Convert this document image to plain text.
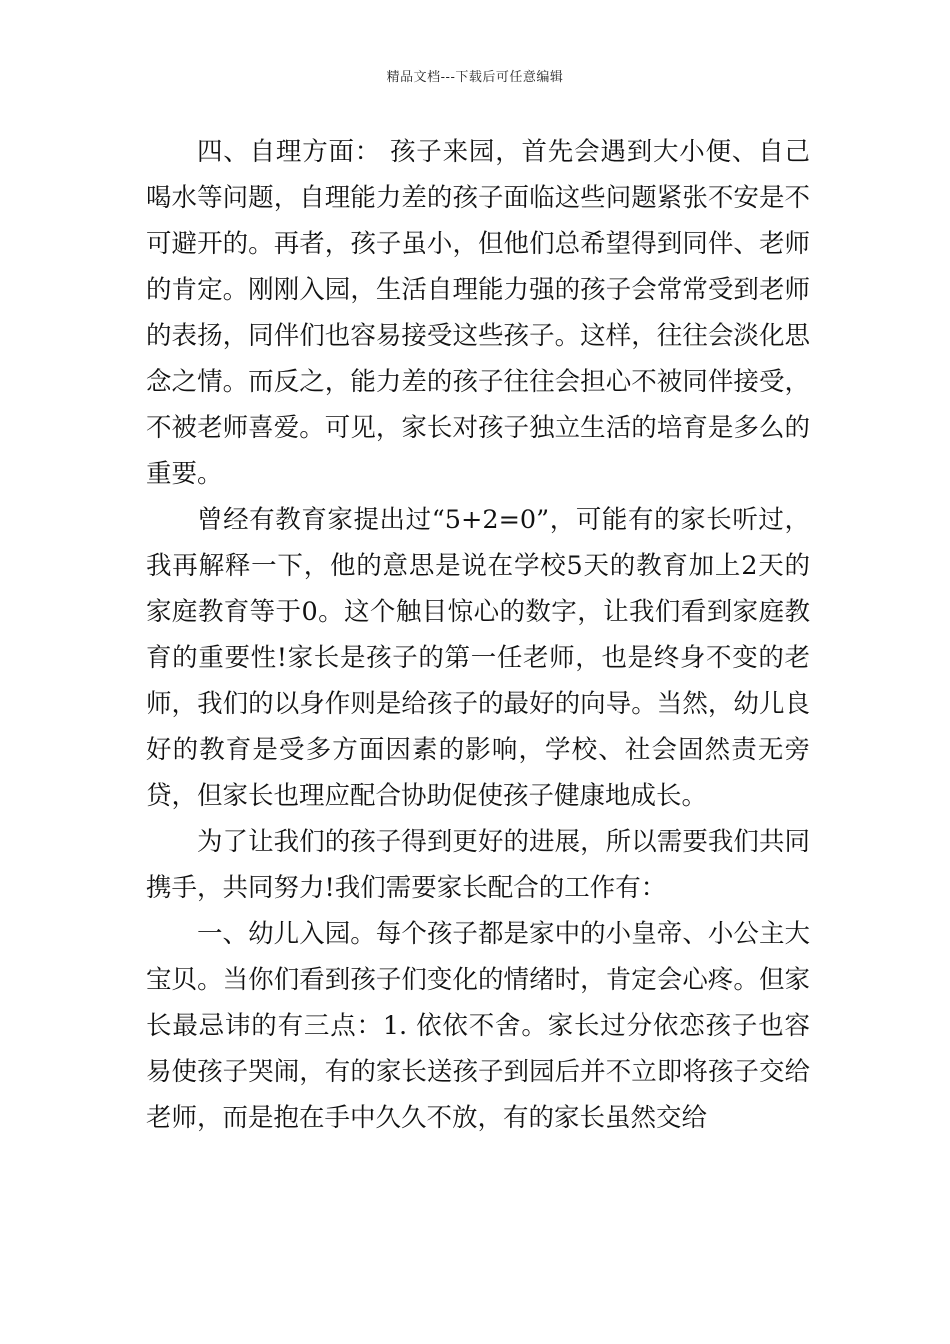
精品文档---下载后可任意编辑

四、自理方面： 孩子来园，首先会遇到大小便、自己喝水等问题，自理能力差的孩子面临这些问题紧张不安是不可避开的。再者，孩子虽小，但他们总希望得到同伴、老师的肯定。刚刚入园，生活自理能力强的孩子会常常受到老师的表扬，同伴们也容易接受这些孩子。这样，往往会淡化思念之情。而反之，能力差的孩子往往会担心不被同伴接受，不被老师喜爱。可见，家长对孩子独立生活的培育是多么的重要。

曾经有教育家提出过“5+2=0”，可能有的家长听过，我再解释一下，他的意思是说在学校5天的教育加上2天的家庭教育等于0。这个触目惊心的数字，让我们看到家庭教育的重要性!家长是孩子的第一任老师，也是终身不变的老师，我们的以身作则是给孩子的最好的向导。当然，幼儿良好的教育是受多方面因素的影响，学校、社会固然责无旁贷，但家长也理应配合协助促使孩子健康地成长。

为了让我们的孩子得到更好的进展，所以需要我们共同携手，共同努力!我们需要家长配合的工作有：

一、幼儿入园。每个孩子都是家中的小皇帝、小公主大宝贝。当你们看到孩子们变化的情绪时，肯定会心疼。但家长最忌讳的有三点：1. 依依不舍。家长过分依恋孩子也容易使孩子哭闹，有的家长送孩子到园后并不立即将孩子交给老师，而是抱在手中久久不放，有的家长虽然交给
